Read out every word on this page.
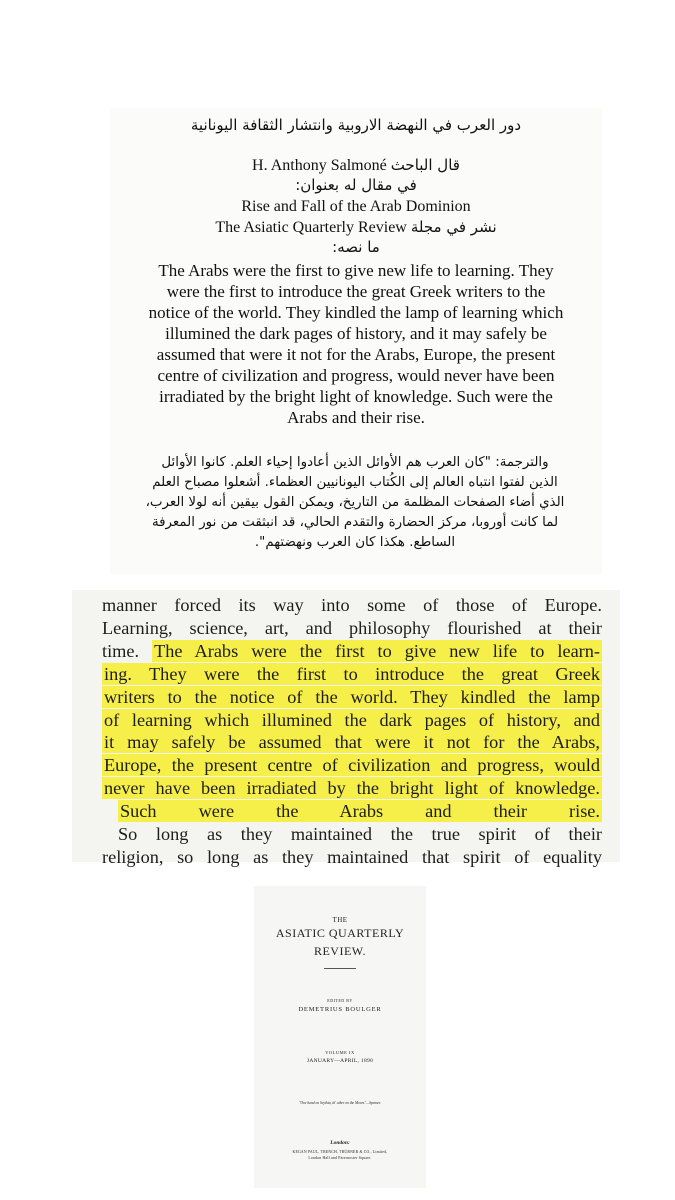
دور العرب في النهضة الاروبية وانتشار الثقافة اليونانية
H. Anthony Salmoné قال الباحث
في مقال له بعنوان:
Rise and Fall of the Arab Dominion
The Asiatic Quarterly Review نشر في مجلة
ما نصه:
The Arabs were the first to give new life to learning. They
were the first to introduce the great Greek writers to the
notice of the world. They kindled the lamp of learning which
illumined the dark pages of history, and it may safely be
assumed that were it not for the Arabs, Europe, the present
centre of civilization and progress, would never have been
irradiated by the bright light of knowledge. Such were the
Arabs and their rise.
والترجمة: "كان العرب هم الأوائل الذين أعادوا إحياء العلم. كانوا الأوائل
الذين لفتوا انتباه العالم إلى الكُتاب اليونانيين العظماء. أشعلوا مصباح العلم
الذي أضاء الصفحات المظلمة من التاريخ، ويمكن القول بيقين أنه لولا العرب،
لما كانت أوروبا، مركز الحضارة والتقدم الحالي، قد انبثقت من نور المعرفة
الساطع. هكذا كان العرب ونهضتهم".
manner forced its way into some of those of Europe.
Learning, science, art, and philosophy flourished at their
time. The Arabs were the first to give new life to learn-
ing. They were the first to introduce the great Greek
writers to the notice of the world. They kindled the lamp
of learning which illumined the dark pages of history, and
it may safely be assumed that were it not for the Arabs,
Europe, the present centre of civilization and progress, would
never have been irradiated by the bright light of knowledge.
Such were the Arabs and their rise.
So long as they maintained the true spirit of their
religion, so long as they maintained that spirit of equality
THE
ASIATIC QUARTERLY
REVIEW.
EDITED BY
DEMETRIUS BOULGER
VOLUME IX
JANUARY—APRIL, 1890
"One hand on Scythia, th' other on the Moors"—Spenser.
London:
KEGAN PAUL, TRENCH, TRÜBNER & CO., Limited,
London Hall and Paternoster Square.
